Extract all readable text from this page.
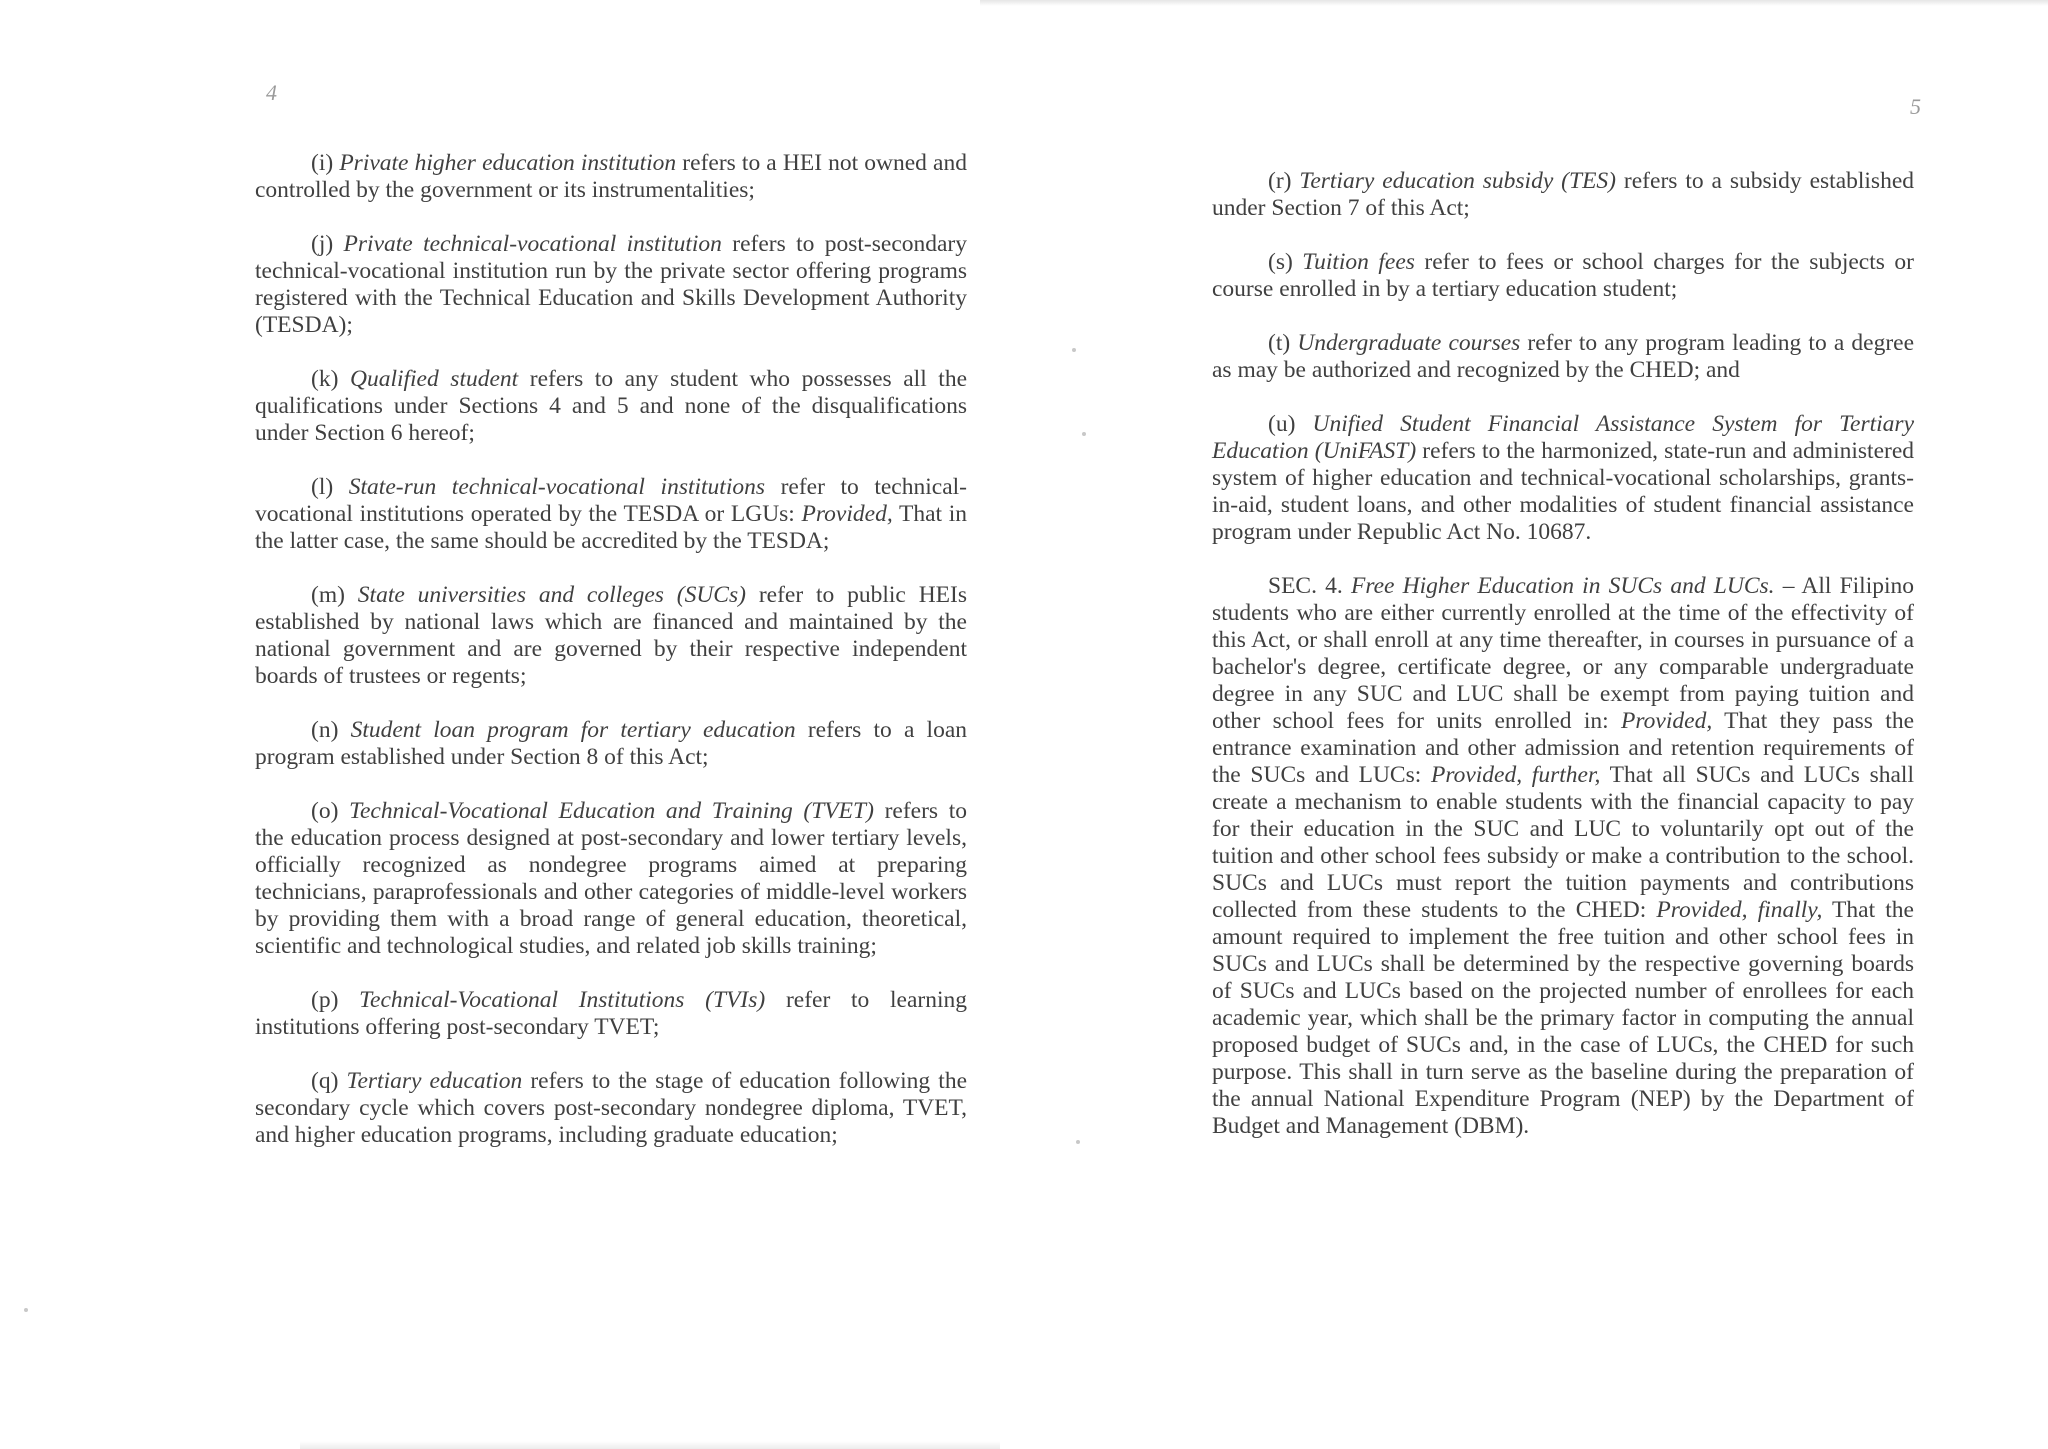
4

(i) Private higher education institution refers to a HEI not owned and controlled by the government or its instrumentalities;

(j) Private technical-vocational institution refers to post-secondary technical-vocational institution run by the private sector offering programs registered with the Technical Education and Skills Development Authority (TESDA);

(k) Qualified student refers to any student who possesses all the qualifications under Sections 4 and 5 and none of the disqualifications under Section 6 hereof;

(l) State-run technical-vocational institutions refer to technical-vocational institutions operated by the TESDA or LGUs: Provided, That in the latter case, the same should be accredited by the TESDA;

(m) State universities and colleges (SUCs) refer to public HEIs established by national laws which are financed and maintained by the national government and are governed by their respective independent boards of trustees or regents;

(n) Student loan program for tertiary education refers to a loan program established under Section 8 of this Act;

(o) Technical-Vocational Education and Training (TVET) refers to the education process designed at post-secondary and lower tertiary levels, officially recognized as nondegree programs aimed at preparing technicians, paraprofessionals and other categories of middle-level workers by providing them with a broad range of general education, theoretical, scientific and technological studies, and related job skills training;

(p) Technical-Vocational Institutions (TVIs) refer to learning institutions offering post-secondary TVET;

(q) Tertiary education refers to the stage of education following the secondary cycle which covers post-secondary nondegree diploma, TVET, and higher education programs, including graduate education;

5

(r) Tertiary education subsidy (TES) refers to a subsidy established under Section 7 of this Act;

(s) Tuition fees refer to fees or school charges for the subjects or course enrolled in by a tertiary education student;

(t) Undergraduate courses refer to any program leading to a degree as may be authorized and recognized by the CHED; and

(u) Unified Student Financial Assistance System for Tertiary Education (UniFAST) refers to the harmonized, state-run and administered system of higher education and technical-vocational scholarships, grants-in-aid, student loans, and other modalities of student financial assistance program under Republic Act No. 10687.

SEC. 4. Free Higher Education in SUCs and LUCs. – All Filipino students who are either currently enrolled at the time of the effectivity of this Act, or shall enroll at any time thereafter, in courses in pursuance of a bachelor's degree, certificate degree, or any comparable undergraduate degree in any SUC and LUC shall be exempt from paying tuition and other school fees for units enrolled in: Provided, That they pass the entrance examination and other admission and retention requirements of the SUCs and LUCs: Provided, further, That all SUCs and LUCs shall create a mechanism to enable students with the financial capacity to pay for their education in the SUC and LUC to voluntarily opt out of the tuition and other school fees subsidy or make a contribution to the school. SUCs and LUCs must report the tuition payments and contributions collected from these students to the CHED: Provided, finally, That the amount required to implement the free tuition and other school fees in SUCs and LUCs shall be determined by the respective governing boards of SUCs and LUCs based on the projected number of enrollees for each academic year, which shall be the primary factor in computing the annual proposed budget of SUCs and, in the case of LUCs, the CHED for such purpose. This shall in turn serve as the baseline during the preparation of the annual National Expenditure Program (NEP) by the Department of Budget and Management (DBM).
